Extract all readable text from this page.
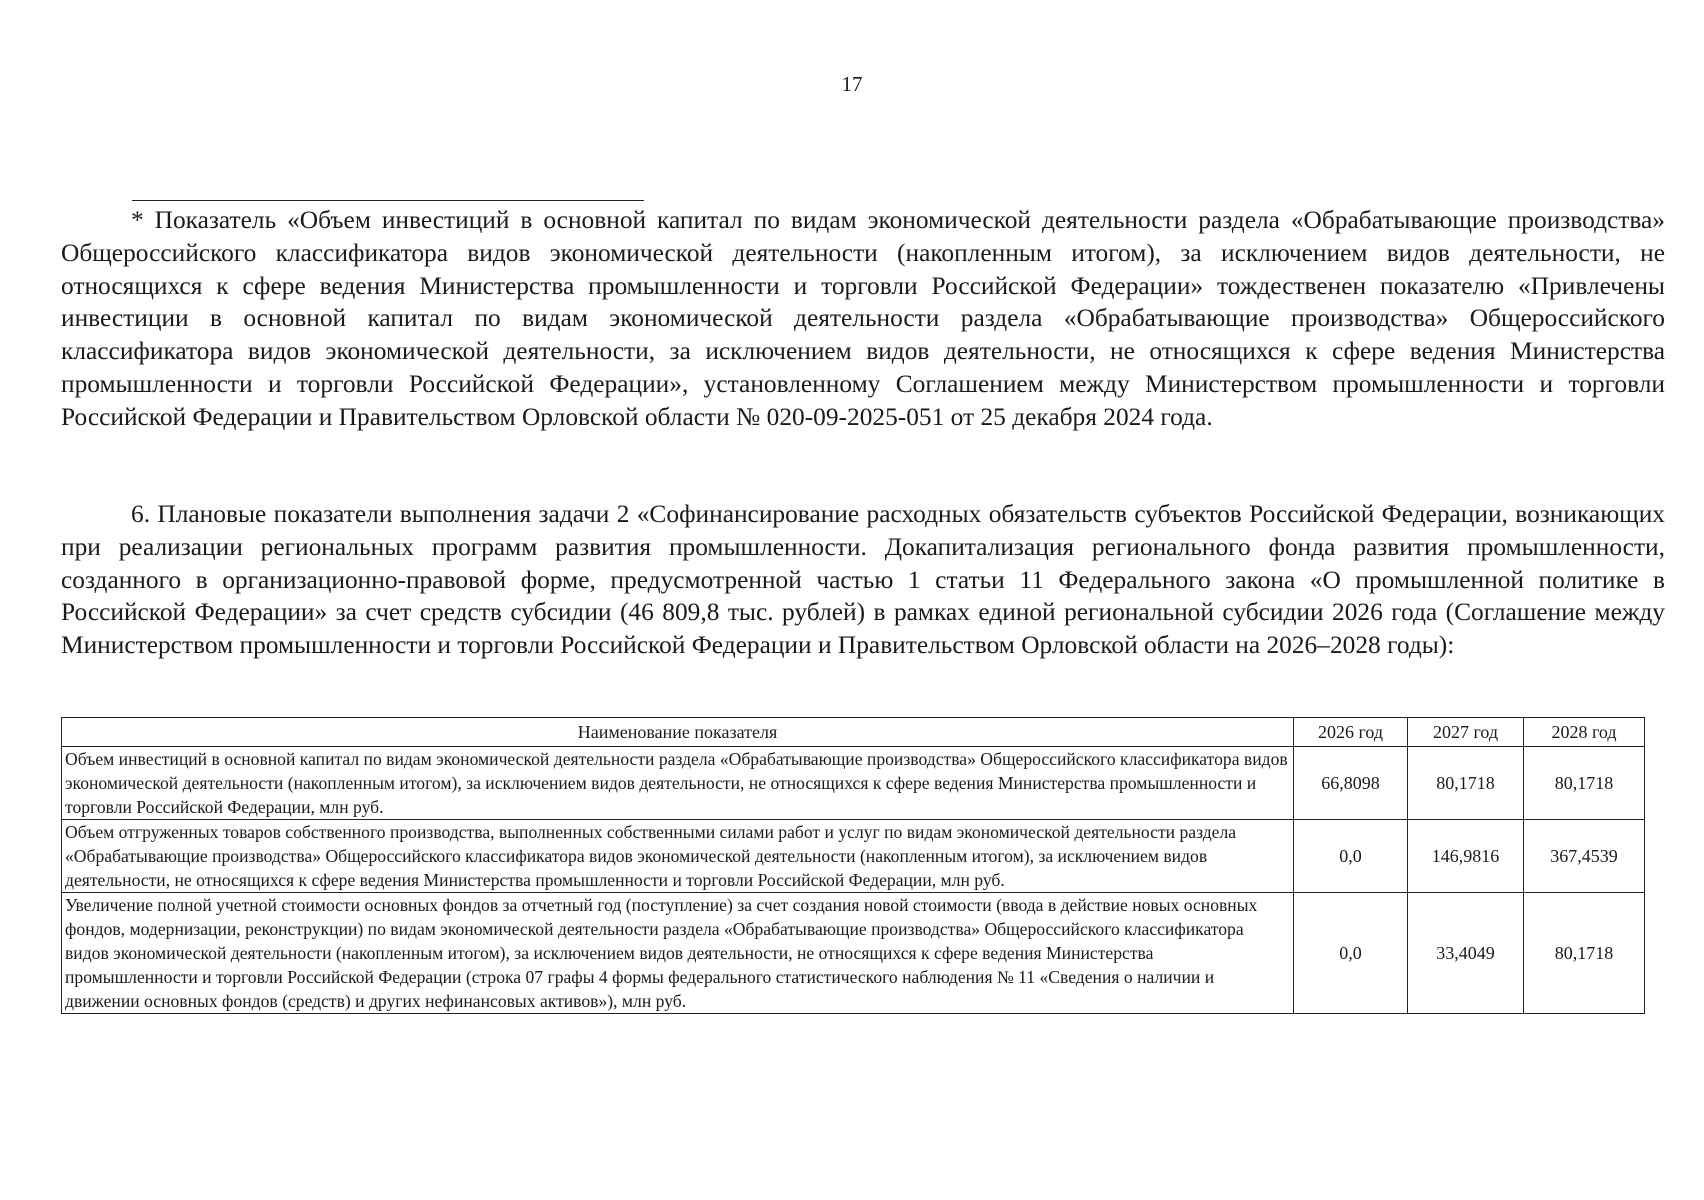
17

* Показатель «Объем инвестиций в основной капитал по видам экономической деятельности раздела «Обрабатывающие производства» Общероссийского классификатора видов экономической деятельности (накопленным итогом), за исключением видов деятельности, не относящихся к сфере ведения Министерства промышленности и торговли Российской Федерации» тождественен показателю «Привлечены инвестиции в основной капитал по видам экономической деятельности раздела «Обрабатывающие производства» Общероссийского классификатора видов экономической деятельности, за исключением видов деятельности, не относящихся к сфере ведения Министерства промышленности и торговли Российской Федерации», установленному Соглашением между Министерством промышленности и торговли Российской Федерации и Правительством Орловской области № 020-09-2025-051 от 25 декабря 2024 года.

6. Плановые показатели выполнения задачи 2 «Софинансирование расходных обязательств субъектов Российской Федерации, возникающих при реализации региональных программ развития промышленности. Докапитализация регионального фонда развития промышленности, созданного в организационно-правовой форме, предусмотренной частью 1 статьи 11 Федерального закона «О промышленной политике в Российской Федерации» за счет средств субсидии (46 809,8 тыс. рублей) в рамках единой региональной субсидии 2026 года (Соглашение между Министерством промышленности и торговли Российской Федерации и Правительством Орловской области на 2026–2028 годы):

Наименование показателя	2026 год	2027 год	2028 год
Объем инвестиций в основной капитал по видам экономической деятельности раздела «Обрабатывающие производства» Общероссийского классификатора видов экономической деятельности (накопленным итогом), за исключением видов деятельности, не относящихся к сфере ведения Министерства промышленности и торговли Российской Федерации, млн руб.	66,8098	80,1718	80,1718
Объем отгруженных товаров собственного производства, выполненных собственными силами работ и услуг по видам экономической деятельности раздела «Обрабатывающие производства» Общероссийского классификатора видов экономической деятельности (накопленным итогом), за исключением видов деятельности, не относящихся к сфере ведения Министерства промышленности и торговли Российской Федерации, млн руб.	0,0	146,9816	367,4539
Увеличение полной учетной стоимости основных фондов за отчетный год (поступление) за счет создания новой стоимости (ввода в действие новых основных фондов, модернизации, реконструкции) по видам экономической деятельности раздела «Обрабатывающие производства» Общероссийского классификатора видов экономической деятельности (накопленным итогом), за исключением видов деятельности, не относящихся к сфере ведения Министерства промышленности и торговли Российской Федерации (строка 07 графы 4 формы федерального статистического наблюдения № 11 «Сведения о наличии и движении основных фондов (средств) и других нефинансовых активов»), млн руб.	0,0	33,4049	80,1718
